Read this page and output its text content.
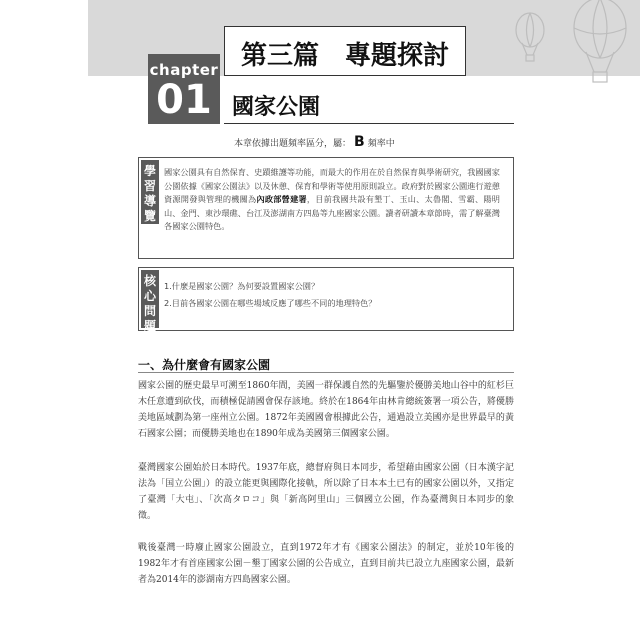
chapter
01
第三篇　專題探討
國家公園
本章依據出題頻率區分，屬： B 頻率中
學習導覽
國家公園具有自然保育、史蹟維護等功能，而最大的作用在於自然保育與學術研究，我國國家公園依據《國家公園法》以及休憩、保育和學術等使用原則設立。政府對於國家公園進行遊憩資源開發與管理的機關為內政部營建署，目前我國共設有墾丁、玉山、太魯閣、雪霸、陽明山、金門、東沙環礁、台江及澎湖南方四島等九座國家公園。讀者研讀本章節時，需了解臺灣各國家公園特色。
核心問題
1.什麼是國家公園？為何要設置國家公園？
2.目前各國家公園在哪些場域反應了哪些不同的地理特色？
一、為什麼會有國家公園
國家公園的歷史最早可溯至1860年間，美國一群保護自然的先驅鑒於優勝美地山谷中的紅杉巨木任意遭到砍伐，而積極促請國會保存該地。終於在1864年由林肯總統簽署一項公告，將優勝美地區域劃為第一座州立公園。1872年美國國會根據此公告，通過設立美國亦是世界最早的黃石國家公園；而優勝美地也在1890年成為美國第三個國家公園。
臺灣國家公園始於日本時代。1937年底，總督府與日本同步，希望藉由國家公園（日本漢字記法為「国立公園」）的設立能更與國際化接軌，所以除了日本本土已有的國家公園以外，又指定了臺灣「大屯」、「次高タロコ」與「新高阿里山」三個國立公園，作為臺灣與日本同步的象徵。
戰後臺灣一時廢止國家公園設立，直到1972年才有《國家公園法》的制定，並於10年後的1982年才有首座國家公園－墾丁國家公園的公告成立，直到目前共已設立九座國家公園，最新者為2014年的澎湖南方四島國家公園。
